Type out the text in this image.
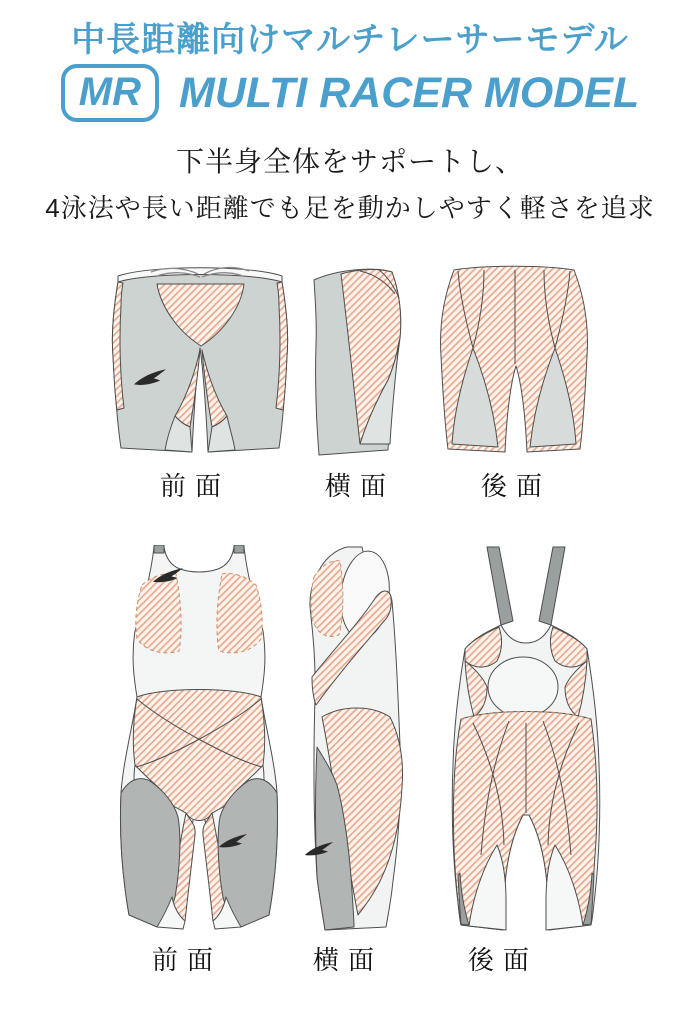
中長距離向けマルチレーサーモデル
MR MULTI RACER MODEL
下半身全体をサポートし、
4泳法や長い距離でも足を動かしやすく軽さを追求
前面	横面	後面
前面	横面	後面
